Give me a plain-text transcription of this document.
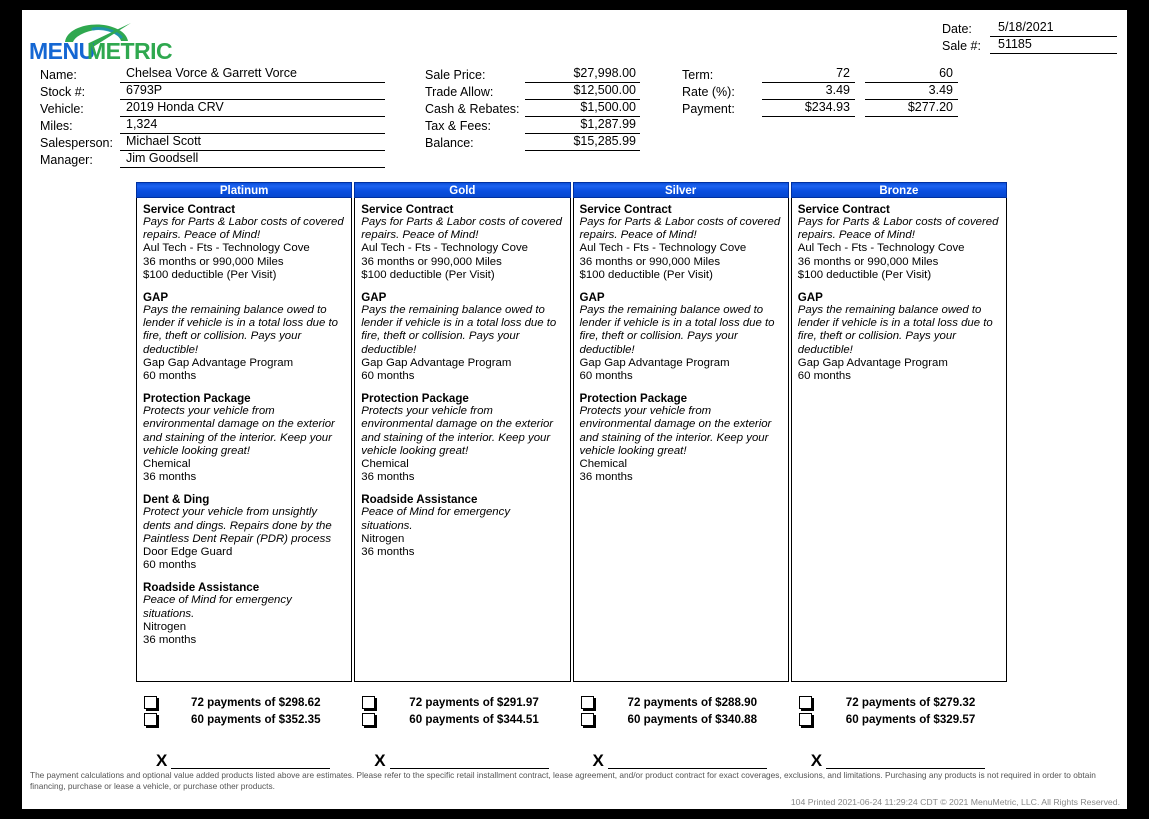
MENU
METRIC
Date:	5/18/2021
Sale #:	51185
Name:	Chelsea Vorce & Garrett Vorce
Stock #:	6793P
Vehicle:	2019 Honda CRV
Miles:	1,324
Salesperson:	Michael Scott
Manager:	Jim Goodsell
Sale Price:	$27,998.00
Trade Allow:	$12,500.00
Cash & Rebates:	$1,500.00
Tax & Fees:	$1,287.99
Balance:	$15,285.99
Term:	72	60
Rate (%):	3.49	3.49
Payment:	$234.93	$277.20
Platinum
Service Contract
Pays for Parts & Labor costs of covered repairs. Peace of Mind!
Aul Tech - Fts - Technology Cove
36 months or 990,000 Miles
$100 deductible (Per Visit)
GAP
Pays the remaining balance owed to lender if vehicle is in a total loss due to fire, theft or collision. Pays your deductible!
Gap Gap Advantage Program
60 months
Protection Package
Protects your vehicle from environmental damage on the exterior and staining of the interior. Keep your vehicle looking great!
Chemical
36 months
Dent & Ding
Protect your vehicle from unsightly dents and dings. Repairs done by the Paintless Dent Repair (PDR) process
Door Edge Guard
60 months
Roadside Assistance
Peace of Mind for emergency situations.
Nitrogen
36 months
Gold
Service Contract
Pays for Parts & Labor costs of covered repairs. Peace of Mind!
Aul Tech - Fts - Technology Cove
36 months or 990,000 Miles
$100 deductible (Per Visit)
GAP
Pays the remaining balance owed to lender if vehicle is in a total loss due to fire, theft or collision. Pays your deductible!
Gap Gap Advantage Program
60 months
Protection Package
Protects your vehicle from environmental damage on the exterior and staining of the interior. Keep your vehicle looking great!
Chemical
36 months
Roadside Assistance
Peace of Mind for emergency situations.
Nitrogen
36 months
Silver
Service Contract
Pays for Parts & Labor costs of covered repairs. Peace of Mind!
Aul Tech - Fts - Technology Cove
36 months or 990,000 Miles
$100 deductible (Per Visit)
GAP
Pays the remaining balance owed to lender if vehicle is in a total loss due to fire, theft or collision. Pays your deductible!
Gap Gap Advantage Program
60 months
Protection Package
Protects your vehicle from environmental damage on the exterior and staining of the interior. Keep your vehicle looking great!
Chemical
36 months
Bronze
Service Contract
Pays for Parts & Labor costs of covered repairs. Peace of Mind!
Aul Tech - Fts - Technology Cove
36 months or 990,000 Miles
$100 deductible (Per Visit)
GAP
Pays the remaining balance owed to lender if vehicle is in a total loss due to fire, theft or collision. Pays your deductible!
Gap Gap Advantage Program
60 months
72 payments of $298.62
60 payments of $352.35
72 payments of $291.97
60 payments of $344.51
72 payments of $288.90
60 payments of $340.88
72 payments of $279.32
60 payments of $329.57
X	X	X	X
The payment calculations and optional value added products listed above are estimates. Please refer to the specific retail installment contract, lease agreement, and/or product contract for exact coverages, exclusions, and limitations. Purchasing any products is not required in order to obtain financing, purchase or lease a vehicle, or purchase other products.
104 Printed 2021-06-24 11:29:24 CDT © 2021 MenuMetric, LLC. All Rights Reserved.
